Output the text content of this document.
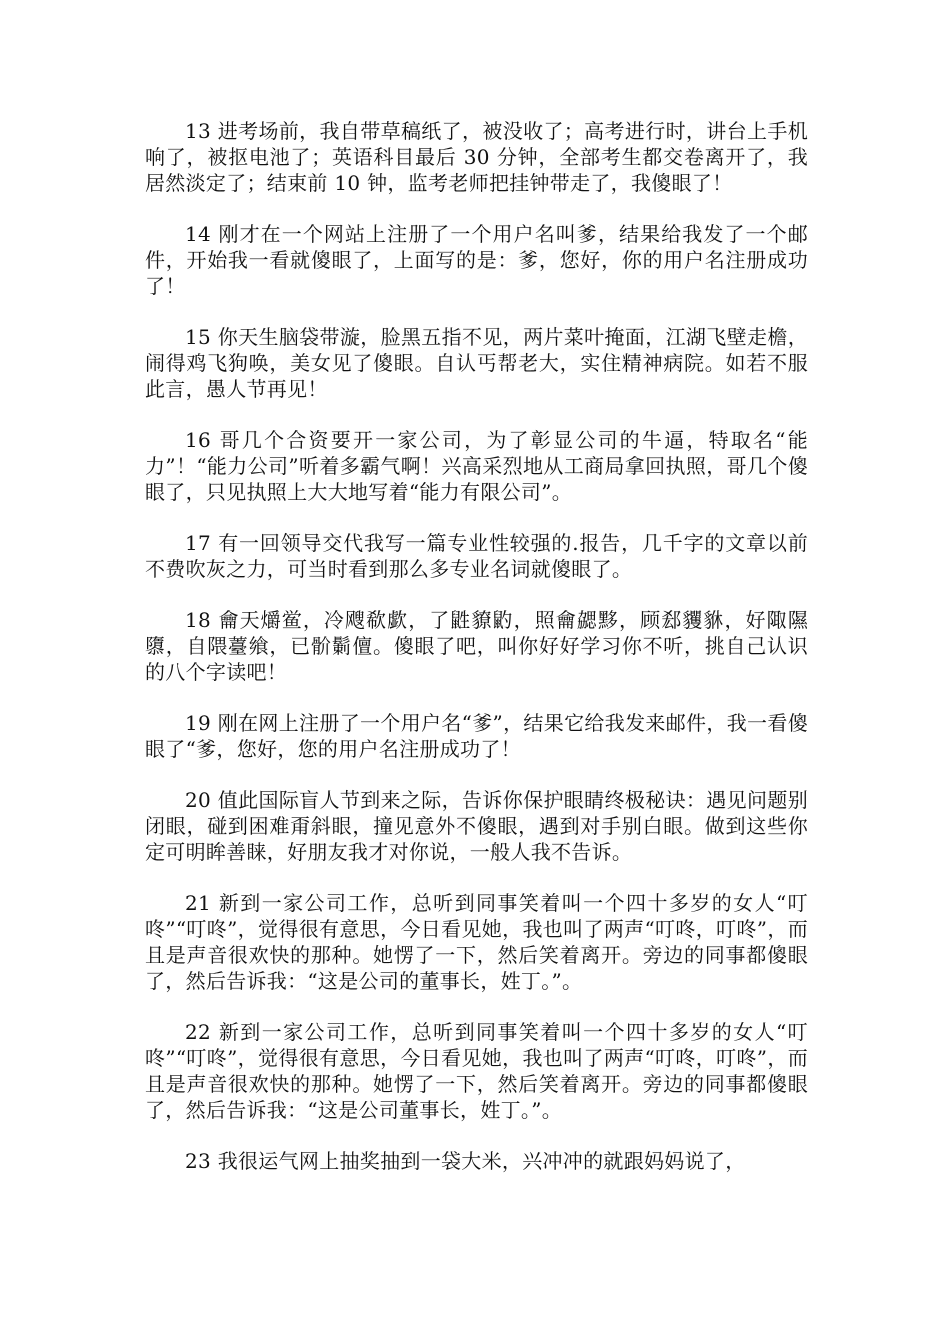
13 进考场前，我自带草稿纸了，被没收了；高考进行时，讲台上手机响了，被抠电池了；英语科目最后 30 分钟，全部考生都交卷离开了，我居然淡定了；结束前 10 钟，监考老师把挂钟带走了，我傻眼了！

14 刚才在一个网站上注册了一个用户名叫爹，结果给我发了一个邮件，开始我一看就傻眼了，上面写的是：爹，您好，你的用户名注册成功了！

15 你天生脑袋带漩，脸黑五指不见，两片菜叶掩面，江湖飞壁走檐，闹得鸡飞狗唤，美女见了傻眼。自认丐帮老大，实住精神病院。如若不服此言，愚人节再见！

16 哥几个合资要开一家公司，为了彰显公司的牛逼，特取名“能力”！“能力公司”听着多霸气啊！兴高采烈地从工商局拿回执照，哥几个傻眼了，只见执照上大大地写着“能力有限公司”。

17 有一回领导交代我写一篇专业性较强的.报告，几千字的文章以前不费吹灰之力，可当时看到那么多专业名词就傻眼了。

18 龠天爝鲎，冷飕欷歔，了鼪䝤䶂，照龠勰黟，顾郄貜貅，好陬隰隳，自隈薹飨，已骱鬎儃。傻眼了吧，叫你好好学习你不听，挑自己认识的八个字读吧！

19 刚在网上注册了一个用户名“爹”，结果它给我发来邮件，我一看傻眼了“爹，您好，您的用户名注册成功了！

20 值此国际盲人节到来之际，告诉你保护眼睛终极秘诀：遇见问题别闭眼，碰到困难甭斜眼，撞见意外不傻眼，遇到对手别白眼。做到这些你定可明眸善睐，好朋友我才对你说，一般人我不告诉。

21 新到一家公司工作，总听到同事笑着叫一个四十多岁的女人“叮咚”“叮咚”，觉得很有意思，今日看见她，我也叫了两声“叮咚，叮咚”，而且是声音很欢快的那种。她愣了一下，然后笑着离开。旁边的同事都傻眼了，然后告诉我：“这是公司的董事长，姓丁。”。

22 新到一家公司工作，总听到同事笑着叫一个四十多岁的女人“叮咚”“叮咚”，觉得很有意思，今日看见她，我也叫了两声“叮咚，叮咚”，而且是声音很欢快的那种。她愣了一下，然后笑着离开。旁边的同事都傻眼了，然后告诉我：“这是公司董事长，姓丁。”。

23 我很运气网上抽奖抽到一袋大米，兴冲冲的就跟妈妈说了，
